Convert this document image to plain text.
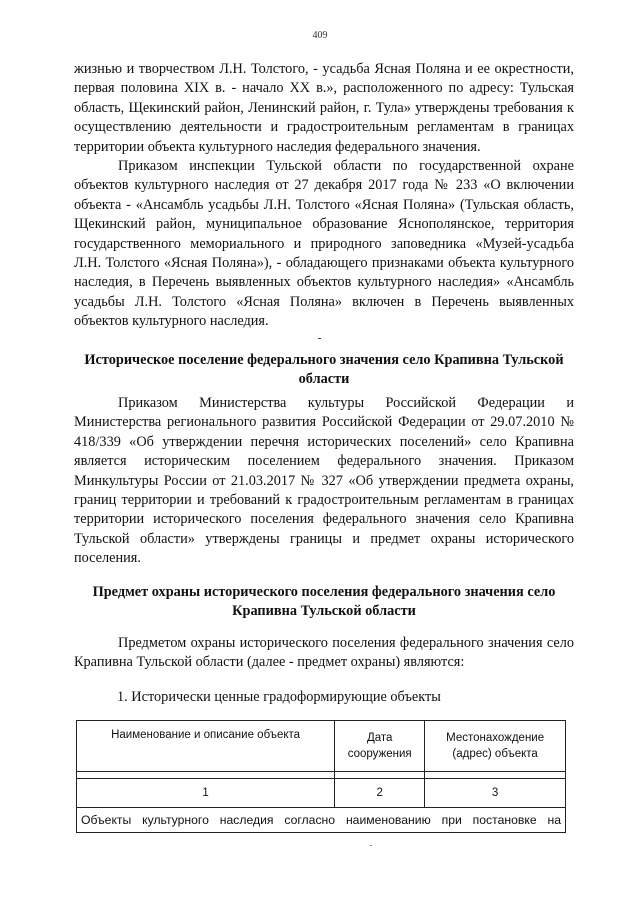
409

жизнью и творчеством Л.Н. Толстого, - усадьба Ясная Поляна и ее окрестности, первая половина XIX в. - начало XX в.», расположенного по адресу: Тульская область, Щекинский район, Ленинский район, г. Тула» утверждены требования к осуществлению деятельности и градостроительным регламентам в границах территории объекта культурного наследия федерального значения.

Приказом инспекции Тульской области по государственной охране объектов культурного наследия от 27 декабря 2017 года № 233 «О включении объекта - «Ансамбль усадьбы Л.Н. Толстого «Ясная Поляна» (Тульская область, Щекинский район, муниципальное образование Яснополянское, территория государственного мемориального и природного заповедника «Музей-усадьба Л.Н. Толстого «Ясная Поляна»), - обладающего признаками объекта культурного наследия, в Перечень выявленных объектов культурного наследия» «Ансамбль усадьбы Л.Н. Толстого «Ясная Поляна» включен в Перечень выявленных объектов культурного наследия.

Историческое поселение федерального значения село Крапивна Тульской области

Приказом Министерства культуры Российской Федерации и Министерства регионального развития Российской Федерации от 29.07.2010 № 418/339 «Об утверждении перечня исторических поселений» село Крапивна является историческим поселением федерального значения. Приказом Минкультуры России от 21.03.2017 № 327 «Об утверждении предмета охраны, границ территории и требований к градостроительным регламентам в границах территории исторического поселения федерального значения село Крапивна Тульской области» утверждены границы и предмет охраны исторического поселения.

Предмет охраны исторического поселения федерального значения село Крапивна Тульской области

Предметом охраны исторического поселения федерального значения село Крапивна Тульской области (далее - предмет охраны) являются:

1. Исторически ценные градоформирующие объекты

Наименование и описание объекта	Дата сооружения	Местонахождение (адрес) объекта

1	2	3
Объекты культурного наследия согласно наименованию при постановке на		
